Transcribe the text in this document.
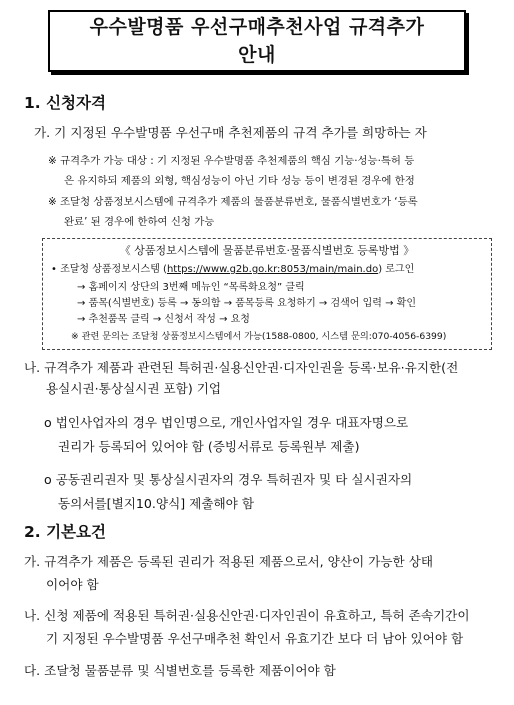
우수발명품 우선구매추천사업 규격추가
안내
1. 신청자격
가. 기 지정된 우수발명품 우선구매 추천제품의 규격 추가를 희망하는 자
※ 규격추가 가능 대상 : 기 지정된 우수발명품 추천제품의 핵심 기능·성능·특허 등
은 유지하되 제품의 외형, 핵심성능이 아닌 기타 성능 등이 변경된 경우에 한정
※ 조달청 상품정보시스템에 규격추가 제품의 물품분류번호, 물품식별번호가 ‘등록
완료’ 된 경우에 한하여 신청 가능
《 상품정보시스템에 물품분류번호·물품식별번호 등록방법 》
• 조달청 상품정보시스템 (https://www.g2b.go.kr:8053/main/main.do) 로그인
→ 홈페이지 상단의 3번째 메뉴인 “목록화요청” 클릭
→ 품목(식별번호) 등록 → 동의함 → 품목등록 요청하기 → 검색어 입력 → 확인
→ 추천품목 클릭 → 신청서 작성 → 요청
※ 관련 문의는 조달청 상품정보시스템에서 가능(1588-0800, 시스템 문의:070-4056-6399)
나. 규격추가 제품과 관련된 특허권·실용신안권·디자인권을 등록·보유·유지한(전
용실시권·통상실시권 포함) 기업
o 법인사업자의 경우 법인명으로, 개인사업자일 경우 대표자명으로
권리가 등록되어 있어야 함 (증빙서류로 등록원부 제출)
o 공동권리권자 및 통상실시권자의 경우 특허권자 및 타 실시권자의
동의서를[별지10.양식] 제출해야 함
2. 기본요건
가. 규격추가 제품은 등록된 권리가 적용된 제품으로서, 양산이 가능한 상태
이어야 함
나. 신청 제품에 적용된 특허권·실용신안권·디자인권이 유효하고, 특허 존속기간이
기 지정된 우수발명품 우선구매추천 확인서 유효기간 보다 더 남아 있어야 함
다. 조달청 물품분류 및 식별번호를 등록한 제품이어야 함
